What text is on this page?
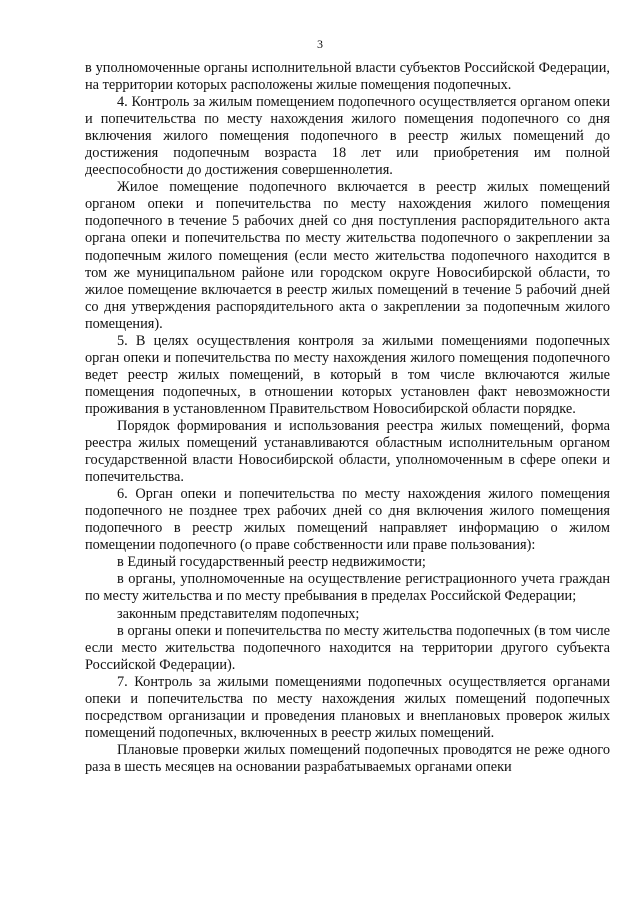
3

в уполномоченные органы исполнительной власти субъектов Российской Федерации, на территории которых расположены жилые помещения подопечных.

4. Контроль за жилым помещением подопечного осуществляется органом опеки и попечительства по месту нахождения жилого помещения подопечного со дня включения жилого помещения подопечного в реестр жилых помещений до достижения подопечным возраста 18 лет или приобретения им полной дееспособности до достижения совершеннолетия.

Жилое помещение подопечного включается в реестр жилых помещений органом опеки и попечительства по месту нахождения жилого помещения подопечного в течение 5 рабочих дней со дня поступления распорядительного акта органа опеки и попечительства по месту жительства подопечного о закреплении за подопечным жилого помещения (если место жительства подопечного находится в том же муниципальном районе или городском округе Новосибирской области, то жилое помещение включается в реестр жилых помещений в течение 5 рабочий дней со дня утверждения распорядительного акта о закреплении за подопечным жилого помещения).

5. В целях осуществления контроля за жилыми помещениями подопечных орган опеки и попечительства по месту нахождения жилого помещения подопечного ведет реестр жилых помещений, в который в том числе включаются жилые помещения подопечных, в отношении которых установлен факт невозможности проживания в установленном Правительством Новосибирской области порядке.

Порядок формирования и использования реестра жилых помещений, форма реестра жилых помещений устанавливаются областным исполнительным органом государственной власти Новосибирской области, уполномоченным в сфере опеки и попечительства.

6. Орган опеки и попечительства по месту нахождения жилого помещения подопечного не позднее трех рабочих дней со дня включения жилого помещения подопечного в реестр жилых помещений направляет информацию о жилом помещении подопечного (о праве собственности или праве пользования):

в Единый государственный реестр недвижимости;

в органы, уполномоченные на осуществление регистрационного учета граждан по месту жительства и по месту пребывания в пределах Российской Федерации;

законным представителям подопечных;

в органы опеки и попечительства по месту жительства подопечных (в том числе если место жительства подопечного находится на территории другого субъекта Российской Федерации).

7. Контроль за жилыми помещениями подопечных осуществляется органами опеки и попечительства по месту нахождения жилых помещений подопечных посредством организации и проведения плановых и внеплановых проверок жилых помещений подопечных, включенных в реестр жилых помещений.

Плановые проверки жилых помещений подопечных проводятся не реже одного раза в шесть месяцев на основании разрабатываемых органами опеки
